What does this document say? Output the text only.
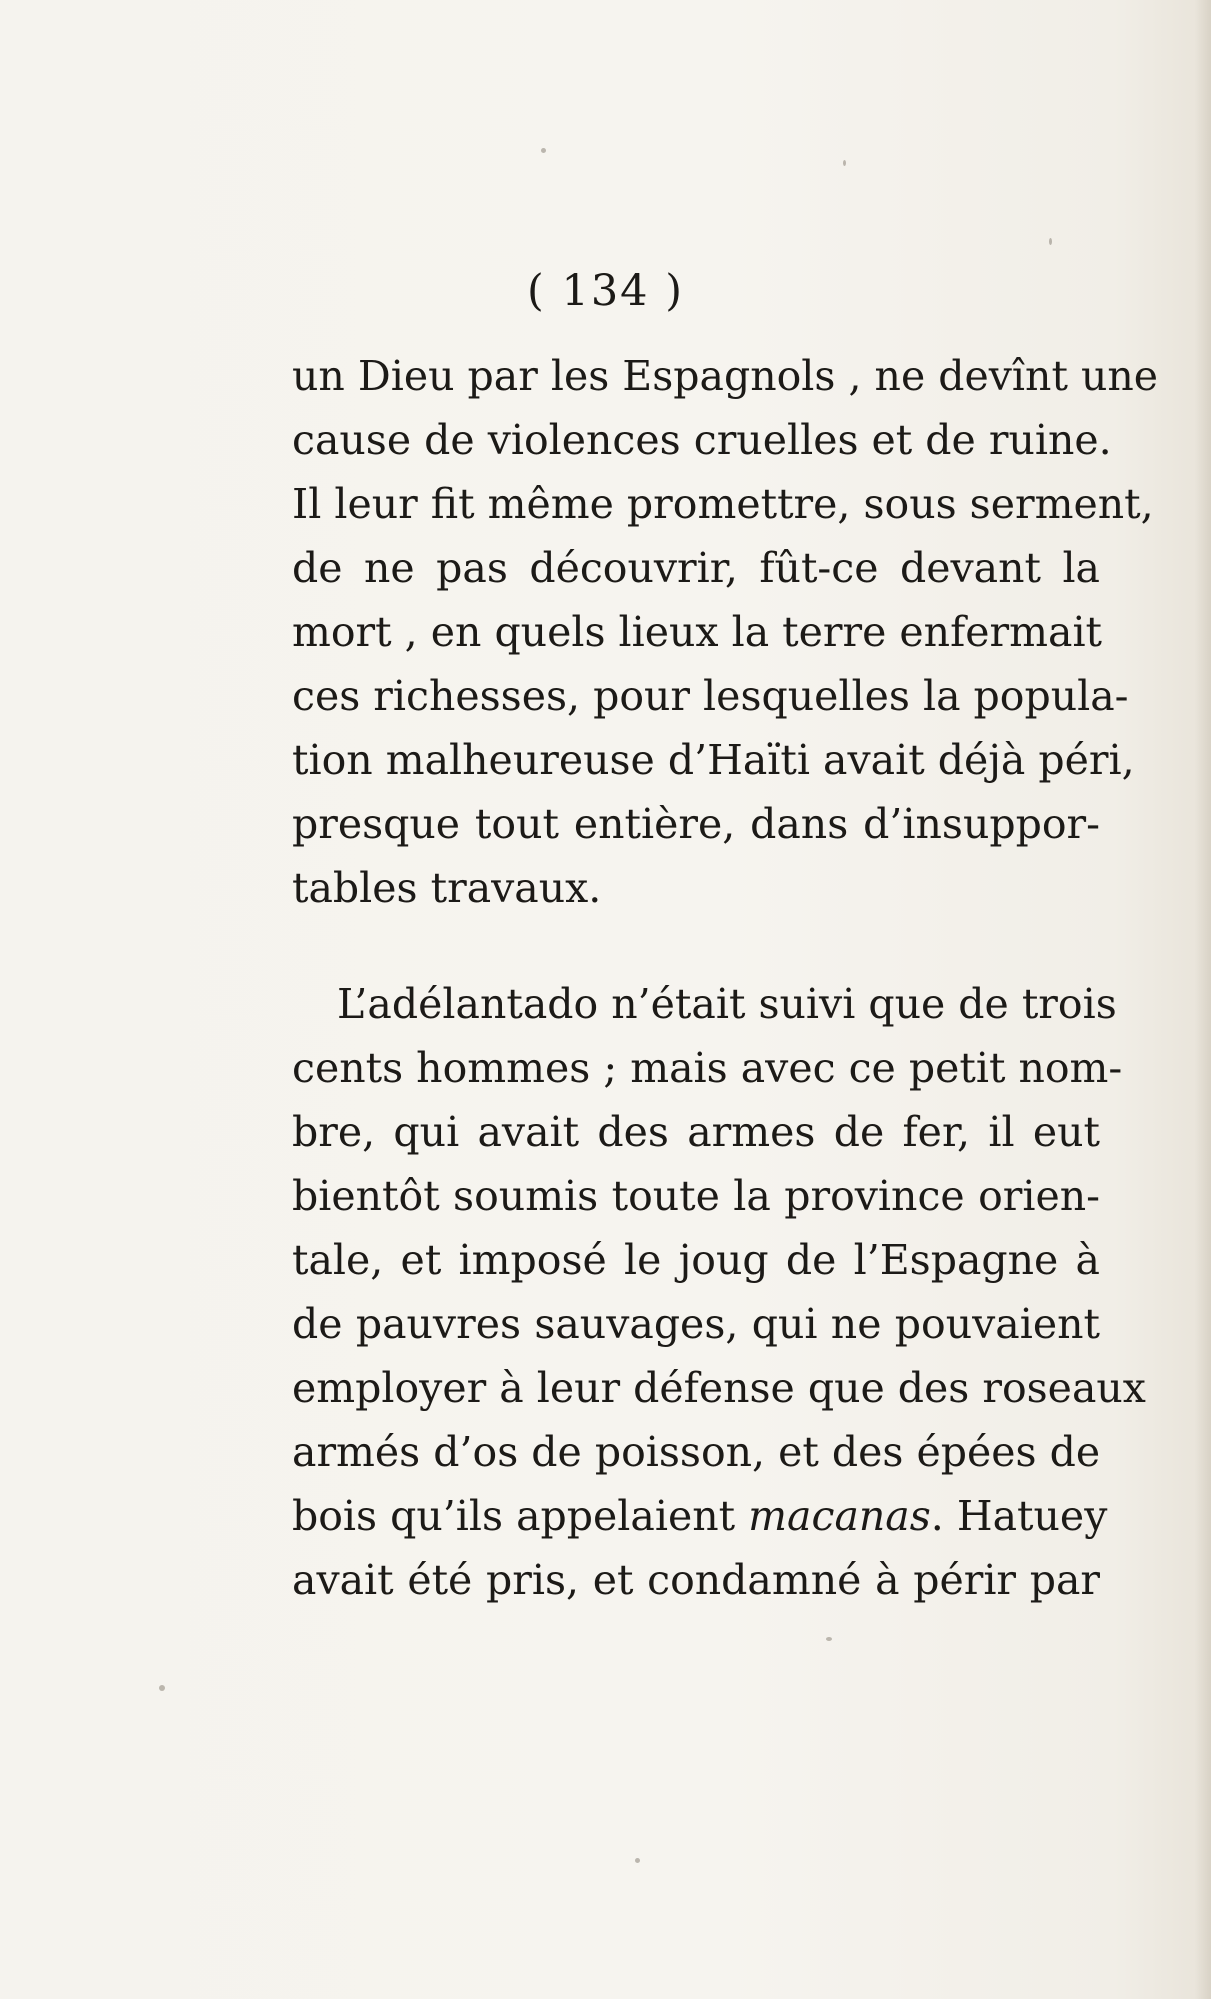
( 134 )
un Dieu par les Espagnols , ne devînt une
cause de violences cruelles et de ruine.
Il leur fit même promettre, sous serment,
de ne pas découvrir, fût-ce devant la
mort , en quels lieux la terre enfermait
ces richesses, pour lesquelles la popula-
tion malheureuse d’Haïti avait déjà péri,
presque tout entière, dans d’insuppor-
tables travaux.
L’adélantado n’était suivi que de trois
cents hommes ; mais avec ce petit nom-
bre, qui avait des armes de fer, il eut
bientôt soumis toute la province orien-
tale, et imposé le joug de l’Espagne à
de pauvres sauvages, qui ne pouvaient
employer à leur défense que des roseaux
armés d’os de poisson, et des épées de
bois qu’ils appelaient macanas. Hatuey
avait été pris, et condamné à périr par
